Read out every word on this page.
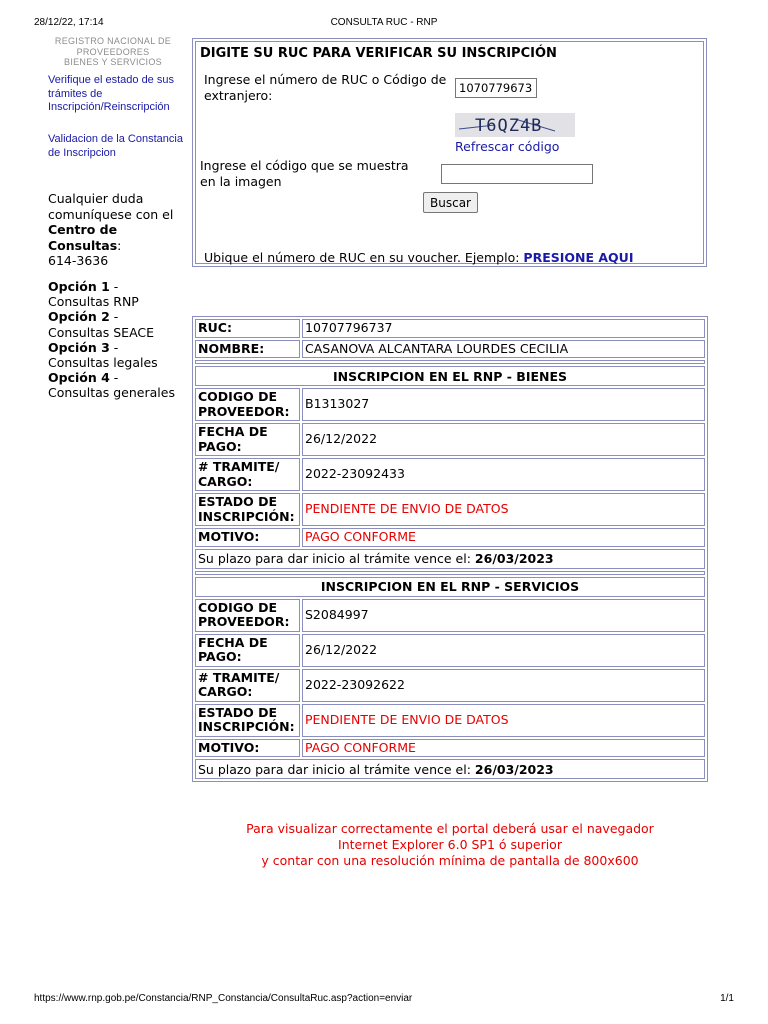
28/12/22, 17:14	CONSULTA RUC - RNP
REGISTRO NACIONAL DE
PROVEEDORES
BIENES Y SERVICIOS
Verifique el estado de sus trámites de Inscripción/Reinscripción
Validacion de la Constancia de Inscripcion
Cualquier duda comuníquese con el
Centro de Consultas:
614-3636
Opción 1 -
Consultas RNP
Opción 2 -
Consultas SEACE
Opción 3 -
Consultas legales
Opción 4 -
Consultas generales
DIGITE SU RUC PARA VERIFICAR SU INSCRIPCIÓN
Ingrese el número de RUC o Código de extranjero:
10707796737
T6QZ4B
Refrescar código
Ingrese el código que se muestra en la imagen
Buscar
Ubique el número de RUC en su voucher. Ejemplo: PRESIONE AQUI
RUC:	10707796737
NOMBRE:	CASANOVA ALCANTARA LOURDES CECILIA

INSCRIPCION EN EL RNP - BIENES	
CODIGO DE PROVEEDOR:	B1313027
FECHA DE PAGO:	26/12/2022
# TRAMITE/ CARGO:	2022-23092433
ESTADO DE INSCRIPCIÓN:	PENDIENTE DE ENVIO DE DATOS
MOTIVO:	PAGO CONFORME
Su plazo para dar inicio al trámite vence el: 26/03/2023	

INSCRIPCION EN EL RNP - SERVICIOS	
CODIGO DE PROVEEDOR:	S2084997
FECHA DE PAGO:	26/12/2022
# TRAMITE/ CARGO:	2022-23092622
ESTADO DE INSCRIPCIÓN:	PENDIENTE DE ENVIO DE DATOS
MOTIVO:	PAGO CONFORME
Su plazo para dar inicio al trámite vence el: 26/03/2023	
Para visualizar correctamente el portal deberá usar el navegador
Internet Explorer 6.0 SP1 ó superior
y contar con una resolución mínima de pantalla de 800x600
https://www.rnp.gob.pe/Constancia/RNP_Constancia/ConsultaRuc.asp?action=enviar	1/1
